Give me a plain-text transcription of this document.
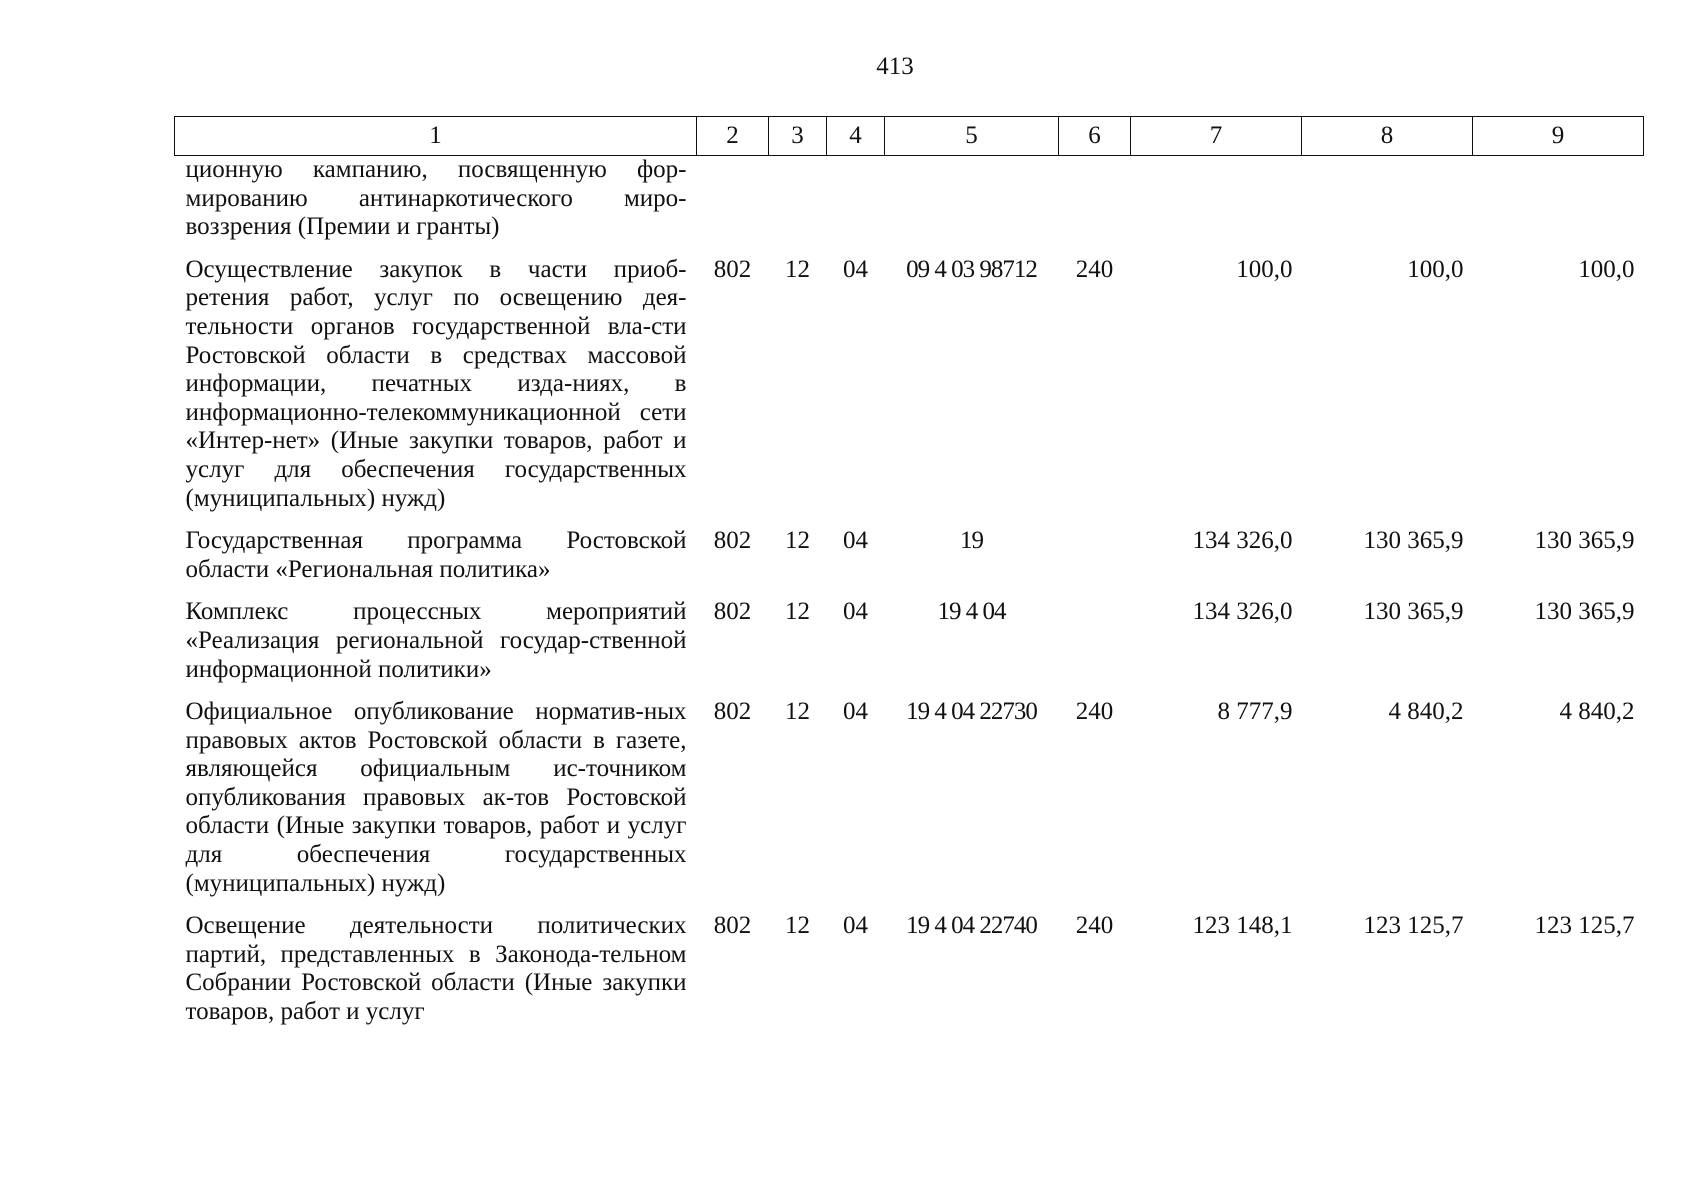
413
1	2	3	4	5	6	7	8	9
ционную кампанию, посвященную фор-мированию антинаркотического миро-воззрения (Премии и гранты)								
Осуществление закупок в части приоб-ретения работ, услуг по освещению дея-тельности органов государственной вла-сти Ростовской области в средствах массовой информации, печатных изда-ниях, в информационно-телекоммуникационной сети «Интер-нет» (Иные закупки товаров, работ и услуг для обеспечения государственных (муниципальных) нужд)	802	12	04	09 4 03 98712	240	100,0	100,0	100,0
Государственная программа Ростовской области «Региональная политика»	802	12	04	19		134 326,0	130 365,9	130 365,9
Комплекс процессных мероприятий «Реализация региональной государ-ственной информационной политики»	802	12	04	19 4 04		134 326,0	130 365,9	130 365,9
Официальное опубликование норматив-ных правовых актов Ростовской области в газете, являющейся официальным ис-точником опубликования правовых ак-тов Ростовской области (Иные закупки товаров, работ и услуг для обеспечения государственных (муниципальных) нужд)	802	12	04	19 4 04 22730	240	8 777,9	4 840,2	4 840,2
Освещение деятельности политических партий, представленных в Законода-тельном Собрании Ростовской области (Иные закупки товаров, работ и услуг	802	12	04	19 4 04 22740	240	123 148,1	123 125,7	123 125,7
